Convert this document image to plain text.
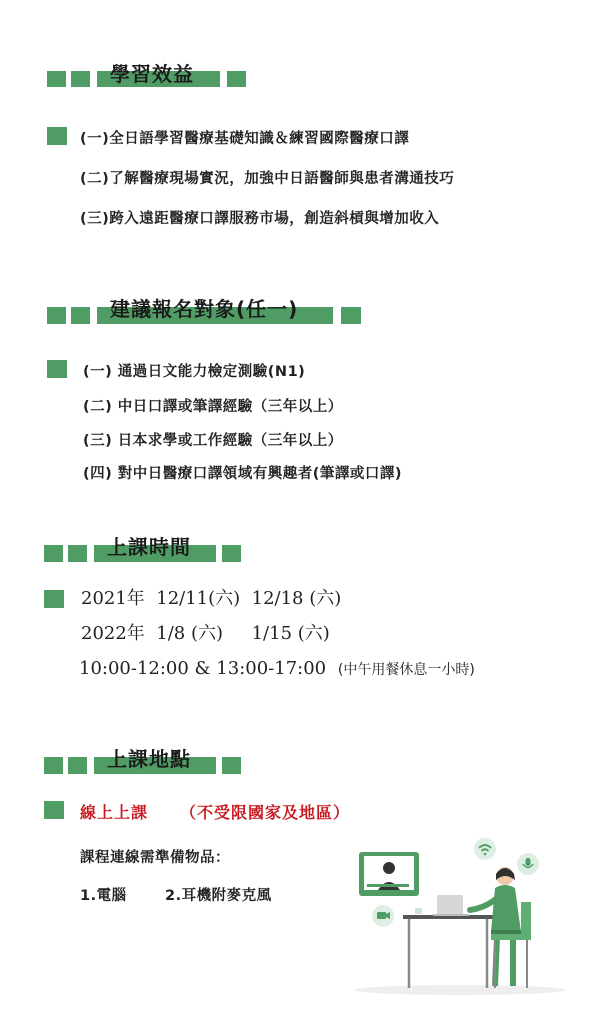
學習效益
(一)全日語學習醫療基礎知識＆練習國際醫療口譯
(二)了解醫療現場實況，加強中日語醫師與患者溝通技巧
(三)跨入遠距醫療口譯服務市場，創造斜槓與增加收入
建議報名對象(任一)
(一) 通過日文能力檢定測驗(N1)
(二) 中日口譯或筆譯經驗（三年以上）
(三) 日本求學或工作經驗（三年以上）
(四) 對中日醫療口譯領域有興趣者(筆譯或口譯)
上課時間
2021年  12/11(六)  12/18 (六)
2022年  1/8 (六)     1/15 (六)
10:00-12:00 & 13:00-17:00 (中午用餐休息一小時)
上課地點
線上上課 （不受限國家及地區）
課程連線需準備物品：
1.電腦	2.耳機附麥克風
